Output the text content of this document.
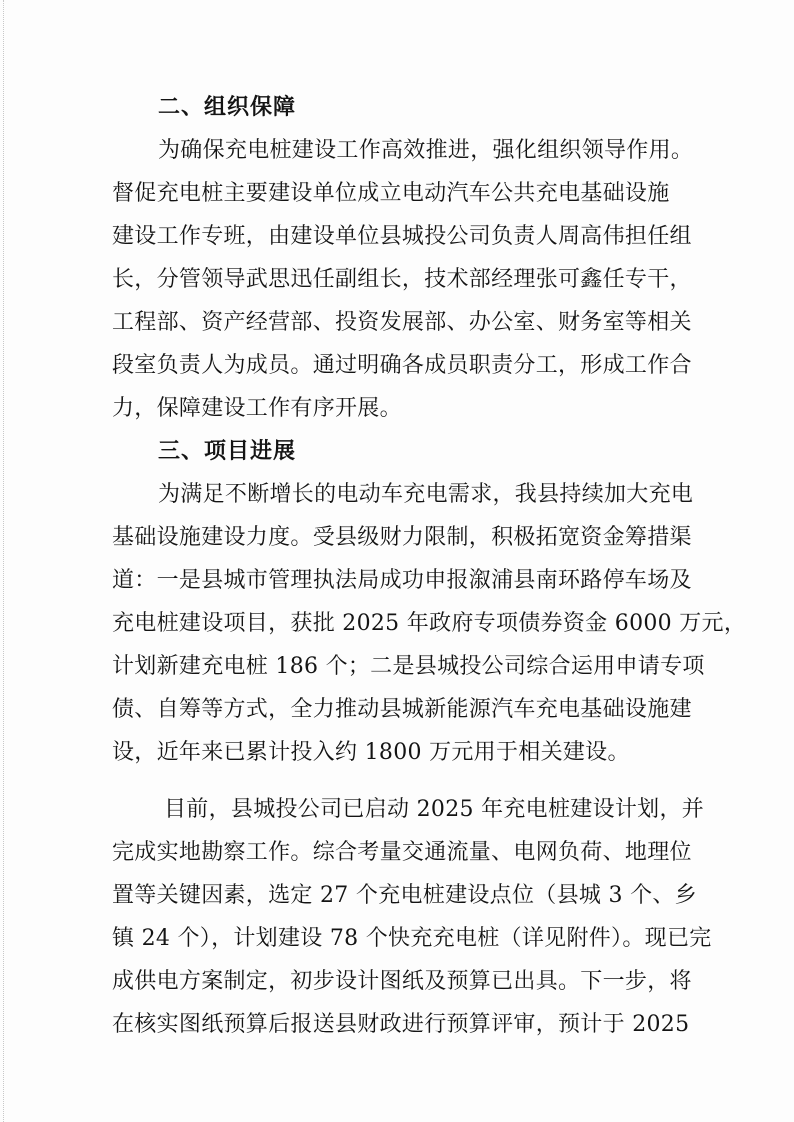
二、组织保障
为确保充电桩建设工作高效推进，强化组织领导作用。
督促充电桩主要建设单位成立电动汽车公共充电基础设施
建设工作专班，由建设单位县城投公司负责人周高伟担任组
长，分管领导武思迅任副组长，技术部经理张可鑫任专干，
工程部、资产经营部、投资发展部、办公室、财务室等相关
段室负责人为成员。通过明确各成员职责分工，形成工作合
力，保障建设工作有序开展。
三、项目进展
为满足不断增长的电动车充电需求，我县持续加大充电
基础设施建设力度。受县级财力限制，积极拓宽资金筹措渠
道：一是县城市管理执法局成功申报溆浦县南环路停车场及
充电桩建设项目，获批 2025 年政府专项债券资金 6000 万元，
计划新建充电桩 186 个；二是县城投公司综合运用申请专项
债、自筹等方式，全力推动县城新能源汽车充电基础设施建
设，近年来已累计投入约 1800 万元用于相关建设。
目前，县城投公司已启动 2025 年充电桩建设计划，并
完成实地勘察工作。综合考量交通流量、电网负荷、地理位
置等关键因素，选定 27 个充电桩建设点位（县城 3 个、乡
镇 24 个），计划建设 78 个快充充电桩（详见附件）。现已完
成供电方案制定，初步设计图纸及预算已出具。下一步，将
在核实图纸预算后报送县财政进行预算评审，预计于 2025
